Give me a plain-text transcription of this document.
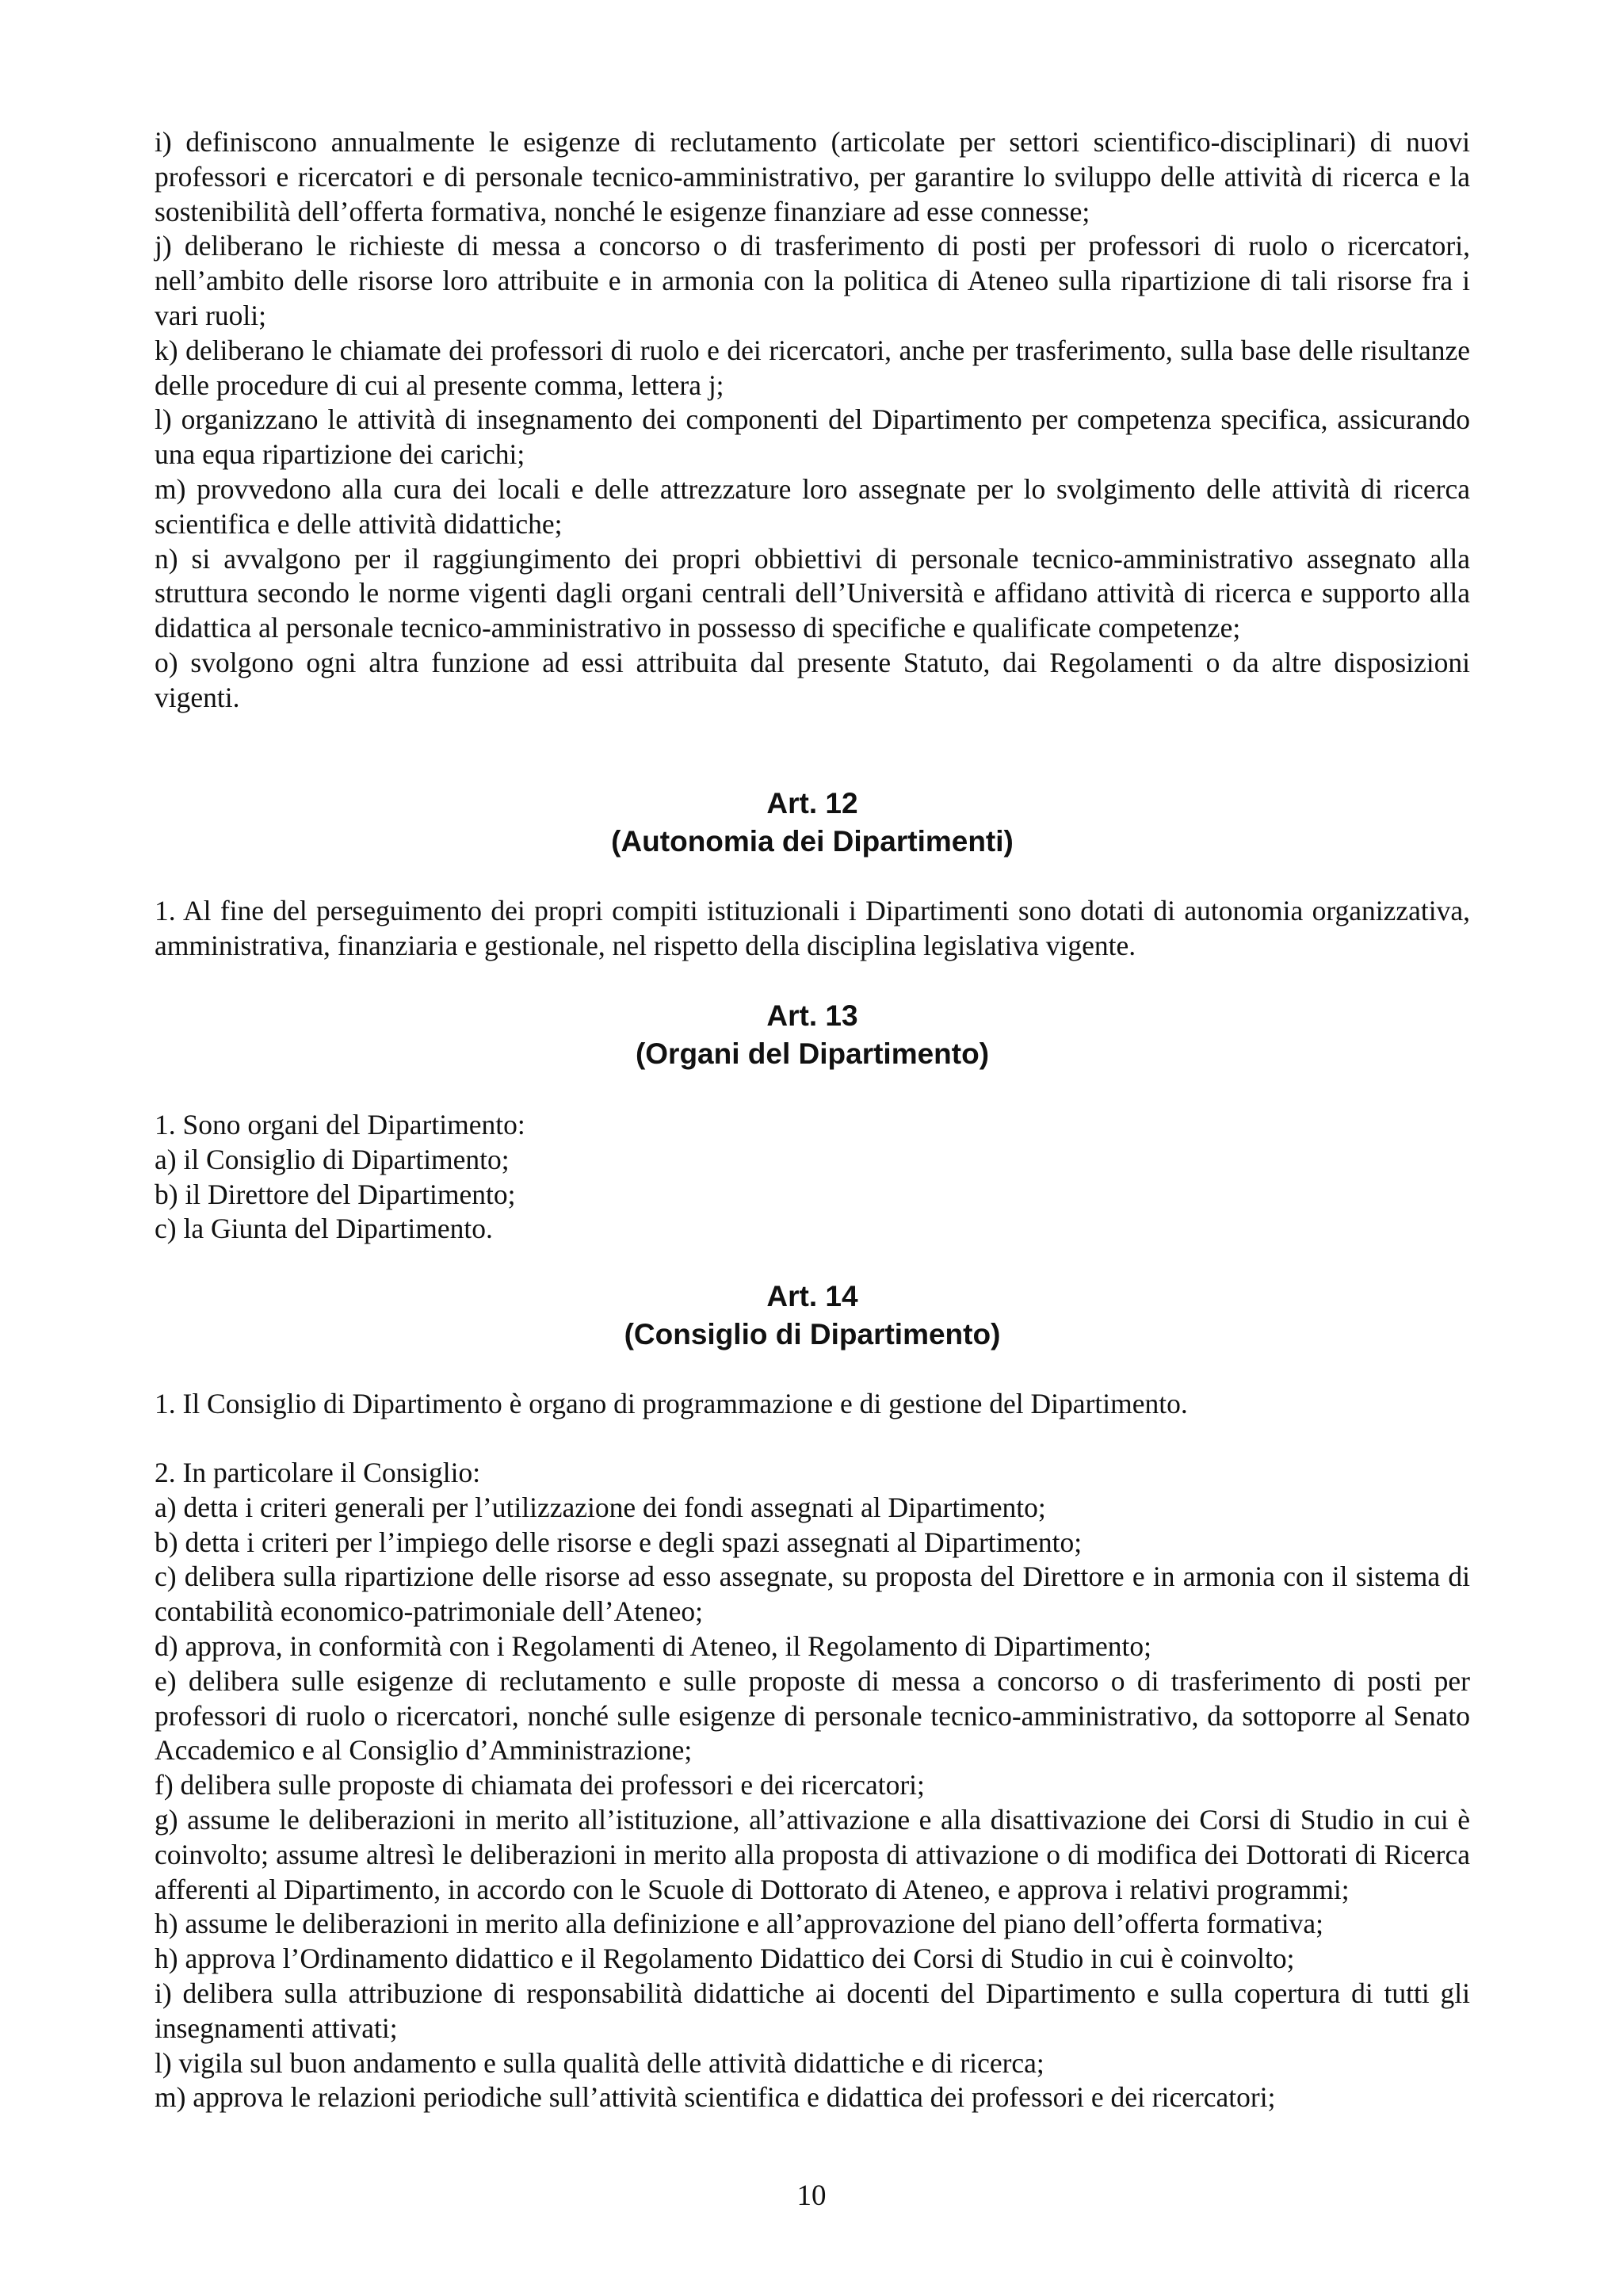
i) definiscono annualmente le esigenze di reclutamento (articolate per settori scientifico-disciplinari) di nuovi professori e ricercatori e di personale tecnico-amministrativo, per garantire lo sviluppo delle attività di ricerca e la sostenibilità dell’offerta formativa, nonché le esigenze finanziare ad esse connesse;
j) deliberano le richieste di messa a concorso o di trasferimento di posti per professori di ruolo o ricercatori, nell’ambito delle risorse loro attribuite e in armonia con la politica di Ateneo sulla ripartizione di tali risorse fra i vari ruoli;
k) deliberano le chiamate dei professori di ruolo e dei ricercatori, anche per trasferimento, sulla base delle risultanze delle procedure di cui al presente comma, lettera j;
l) organizzano le attività di insegnamento dei componenti del Dipartimento per competenza specifica, assicurando una equa ripartizione dei carichi;
m) provvedono alla cura dei locali e delle attrezzature loro assegnate per lo svolgimento delle attività di ricerca scientifica e delle attività didattiche;
n) si avvalgono per il raggiungimento dei propri obbiettivi di personale tecnico-amministrativo assegnato alla struttura secondo le norme vigenti dagli organi centrali dell’Università e affidano attività di ricerca e supporto alla didattica al personale tecnico-amministrativo in possesso di specifiche e qualificate competenze;
o) svolgono ogni altra funzione ad essi attribuita dal presente Statuto, dai Regolamenti o da altre disposizioni vigenti.
Art. 12
(Autonomia dei Dipartimenti)
1. Al fine del perseguimento dei propri compiti istituzionali i Dipartimenti sono dotati di autonomia organizzativa, amministrativa, finanziaria e gestionale, nel rispetto della disciplina legislativa vigente.
Art. 13
(Organi del Dipartimento)
1. Sono organi del Dipartimento:
a) il Consiglio di Dipartimento;
b) il Direttore del Dipartimento;
c) la Giunta del Dipartimento.
Art. 14
(Consiglio di Dipartimento)
1. Il Consiglio di Dipartimento è organo di programmazione e di gestione del Dipartimento.
2. In particolare il Consiglio:
a) detta i criteri generali per l’utilizzazione dei fondi assegnati al Dipartimento;
b) detta i criteri per l’impiego delle risorse e degli spazi assegnati al Dipartimento;
c) delibera sulla ripartizione delle risorse ad esso assegnate, su proposta del Direttore e in armonia con il sistema di contabilità economico-patrimoniale dell’Ateneo;
d) approva, in conformità con i Regolamenti di Ateneo, il Regolamento di Dipartimento;
e) delibera sulle esigenze di reclutamento e sulle proposte di messa a concorso o di trasferimento di posti per professori di ruolo o ricercatori, nonché sulle esigenze di personale tecnico-amministrativo, da sottoporre al Senato Accademico e al Consiglio d’Amministrazione;
f) delibera sulle proposte di chiamata dei professori e dei ricercatori;
g) assume le deliberazioni in merito all’istituzione, all’attivazione e alla disattivazione dei Corsi di Studio in cui è coinvolto; assume altresì le deliberazioni in merito alla proposta di attivazione o di modifica dei Dottorati di Ricerca afferenti al Dipartimento, in accordo con le Scuole di Dottorato di Ateneo, e approva i relativi programmi;
h) assume le deliberazioni in merito alla definizione e all’approvazione del piano dell’offerta formativa;
h) approva l’Ordinamento didattico e il Regolamento Didattico dei Corsi di Studio in cui è coinvolto;
i) delibera sulla attribuzione di responsabilità didattiche ai docenti del Dipartimento e sulla copertura di tutti gli insegnamenti attivati;
l) vigila sul buon andamento e sulla qualità delle attività didattiche e di ricerca;
m) approva le relazioni periodiche sull’attività scientifica e didattica dei professori e dei ricercatori;
10
